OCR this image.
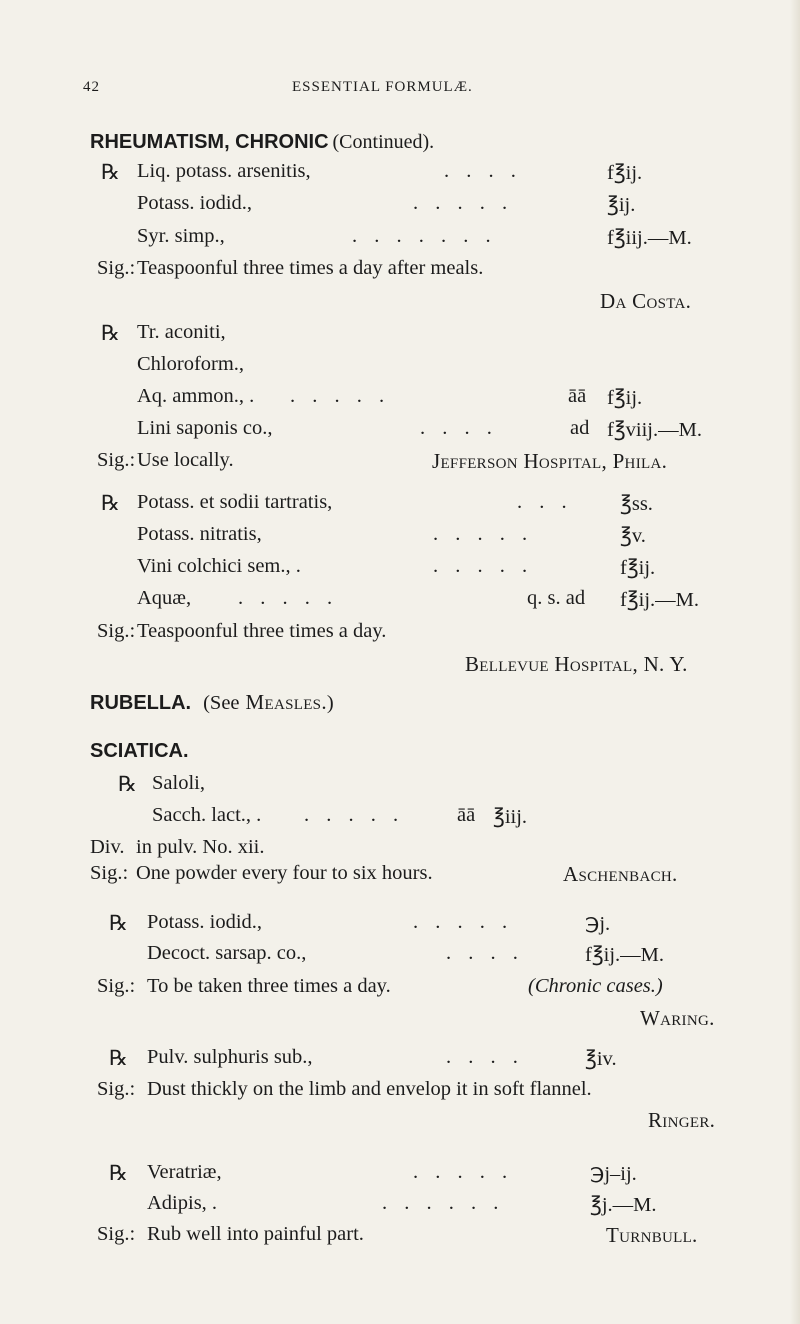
42	ESSENTIAL FORMULÆ.
RHEUMATISM, CHRONIC (Continued).
℞ Liq. potass. arsenitis,	. . . .	f℥ij.
Potass. iodid.,	. . . . .	℥ij.
Syr. simp.,	. . . . . . .	f℥iij.—M.
Sig.: Teaspoonful three times a day after meals.
Da Costa.
℞ Tr. aconiti,
Chloroform.,
Aq. ammon., . . . . . .	āā f℥ij.
Lini saponis co.,	. . . .	ad f℥viij.—M.
Sig.: Use locally.	Jefferson Hospital, Phila.
℞ Potass. et sodii tartratis,	. . . ℥ss.
Potass. nitratis,	. . . . .	℥v.
Vini colchici sem., .	. . . . .	f℥ij.
Aquæ, . . . . .	q. s. ad f℥ij.—M.
Sig.: Teaspoonful three times a day.
Bellevue Hospital, N. Y.
RUBELLA. (See Measles.)
SCIATICA.
℞ Saloli,
Sacch. lact., . . . . . .	āā ℥iij.
Div. in pulv. No. xii.
Sig.: One powder every four to six hours.	Aschenbach.
℞ Potass. iodid.,	. . . . .	℈j.
Decoct. sarsap. co.,	. . . .	f℥ij.—M.
Sig.: To be taken three times a day.	(Chronic cases.)
Waring.
℞ Pulv. sulphuris sub.,	. . . .	℥iv.
Sig.: Dust thickly on the limb and envelop it in soft flannel.
Ringer.
℞ Veratriæ,	. . . . .	℈j–ij.
Adipis, .	. . . . . .	℥j.—M.
Sig.: Rub well into painful part.	Turnbull.
